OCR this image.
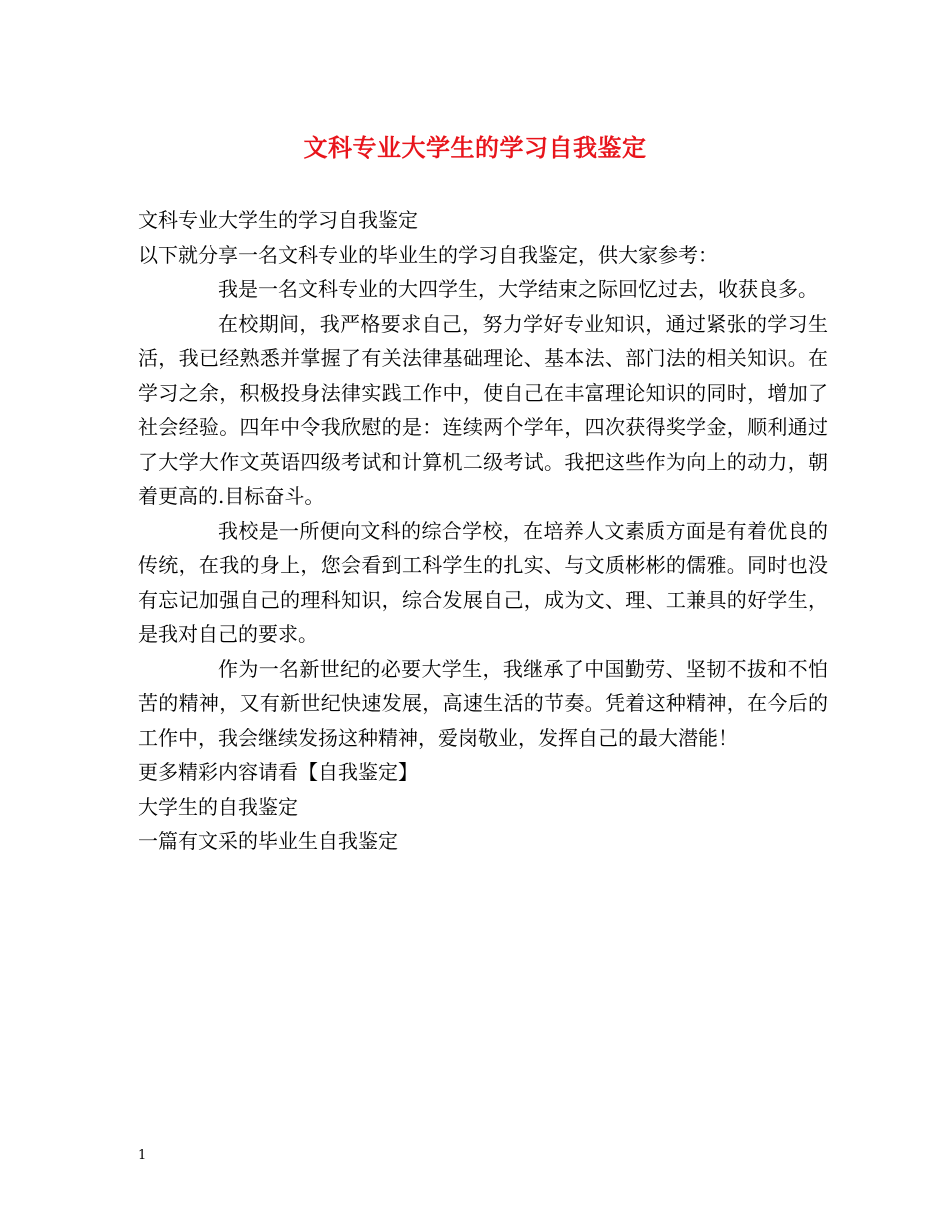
文科专业大学生的学习自我鉴定

文科专业大学生的学习自我鉴定

以下就分享一名文科专业的毕业生的学习自我鉴定，供大家参考：

我是一名文科专业的大四学生，大学结束之际回忆过去，收获良多。

在校期间，我严格要求自己，努力学好专业知识，通过紧张的学习生活，我已经熟悉并掌握了有关法律基础理论、基本法、部门法的相关知识。在学习之余，积极投身法律实践工作中，使自己在丰富理论知识的同时，增加了社会经验。四年中令我欣慰的是：连续两个学年，四次获得奖学金，顺利通过了大学大作文英语四级考试和计算机二级考试。我把这些作为向上的动力，朝着更高的.目标奋斗。

我校是一所便向文科的综合学校，在培养人文素质方面是有着优良的传统，在我的身上，您会看到工科学生的扎实、与文质彬彬的儒雅。同时也没有忘记加强自己的理科知识，综合发展自己，成为文、理、工兼具的好学生，是我对自己的要求。

作为一名新世纪的必要大学生，我继承了中国勤劳、坚韧不拔和不怕苦的精神，又有新世纪快速发展，高速生活的节奏。凭着这种精神，在今后的工作中，我会继续发扬这种精神，爱岗敬业，发挥自己的最大潜能！

更多精彩内容请看【自我鉴定】

大学生的自我鉴定

一篇有文采的毕业生自我鉴定

1
